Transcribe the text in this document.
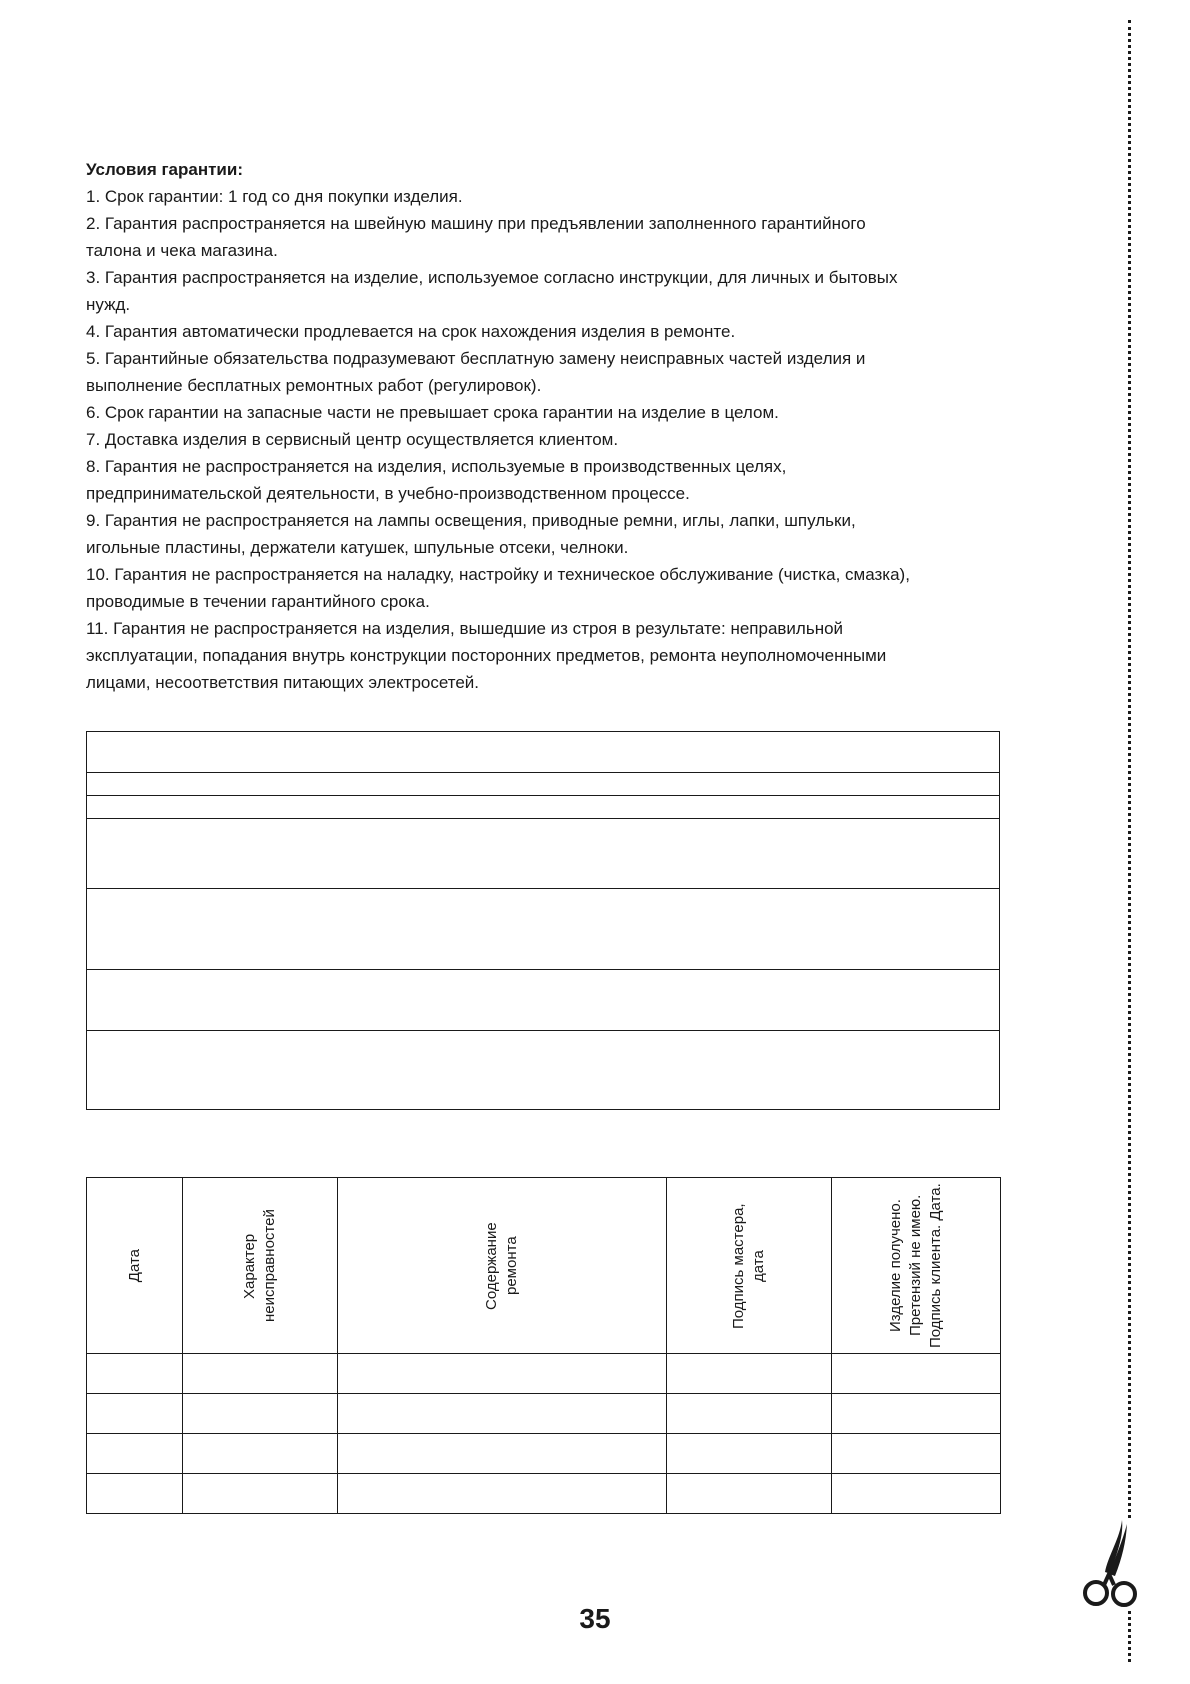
Условия гарантии:

1. Срок гарантии: 1 год со дня покупки изделия.

2. Гарантия распространяется на швейную машину при предъявлении заполненного гарантийного

талона и чека магазина.

3. Гарантия распространяется на изделие, используемое согласно инструкции, для личных и бытовых

нужд.

4. Гарантия автоматически продлевается на срок нахождения изделия в ремонте.

5. Гарантийные обязательства подразумевают бесплатную замену неисправных частей изделия и

выполнение бесплатных ремонтных работ (регулировок).

6. Срок гарантии на запасные части не превышает срока гарантии на изделие в целом.

7. Доставка изделия в сервисный центр осуществляется клиентом.

8. Гарантия не распространяется на изделия, используемые в производственных целях,

предпринимательской деятельности, в учебно-производственном процессе.

9. Гарантия не распространяется на лампы освещения, приводные ремни, иглы, лапки, шпульки,

игольные пластины, держатели катушек, шпульные отсеки, челноки.

10. Гарантия не распространяется на наладку, настройку и техническое обслуживание (чистка, смазка),

проводимые в течении гарантийного срока.

11. Гарантия не распространяется на изделия, вышедшие из строя в результате: неправильной

эксплуатации, попадания внутрь конструкции посторонних предметов, ремонта неуполномоченными

лицами, несоответствия питающих электросетей.

Дата	Характер неисправностей	Содержание ремонта	Подпись мастера, дата	Изделие получено. Претензий не имею. Подпись клиента. Дата.

35
